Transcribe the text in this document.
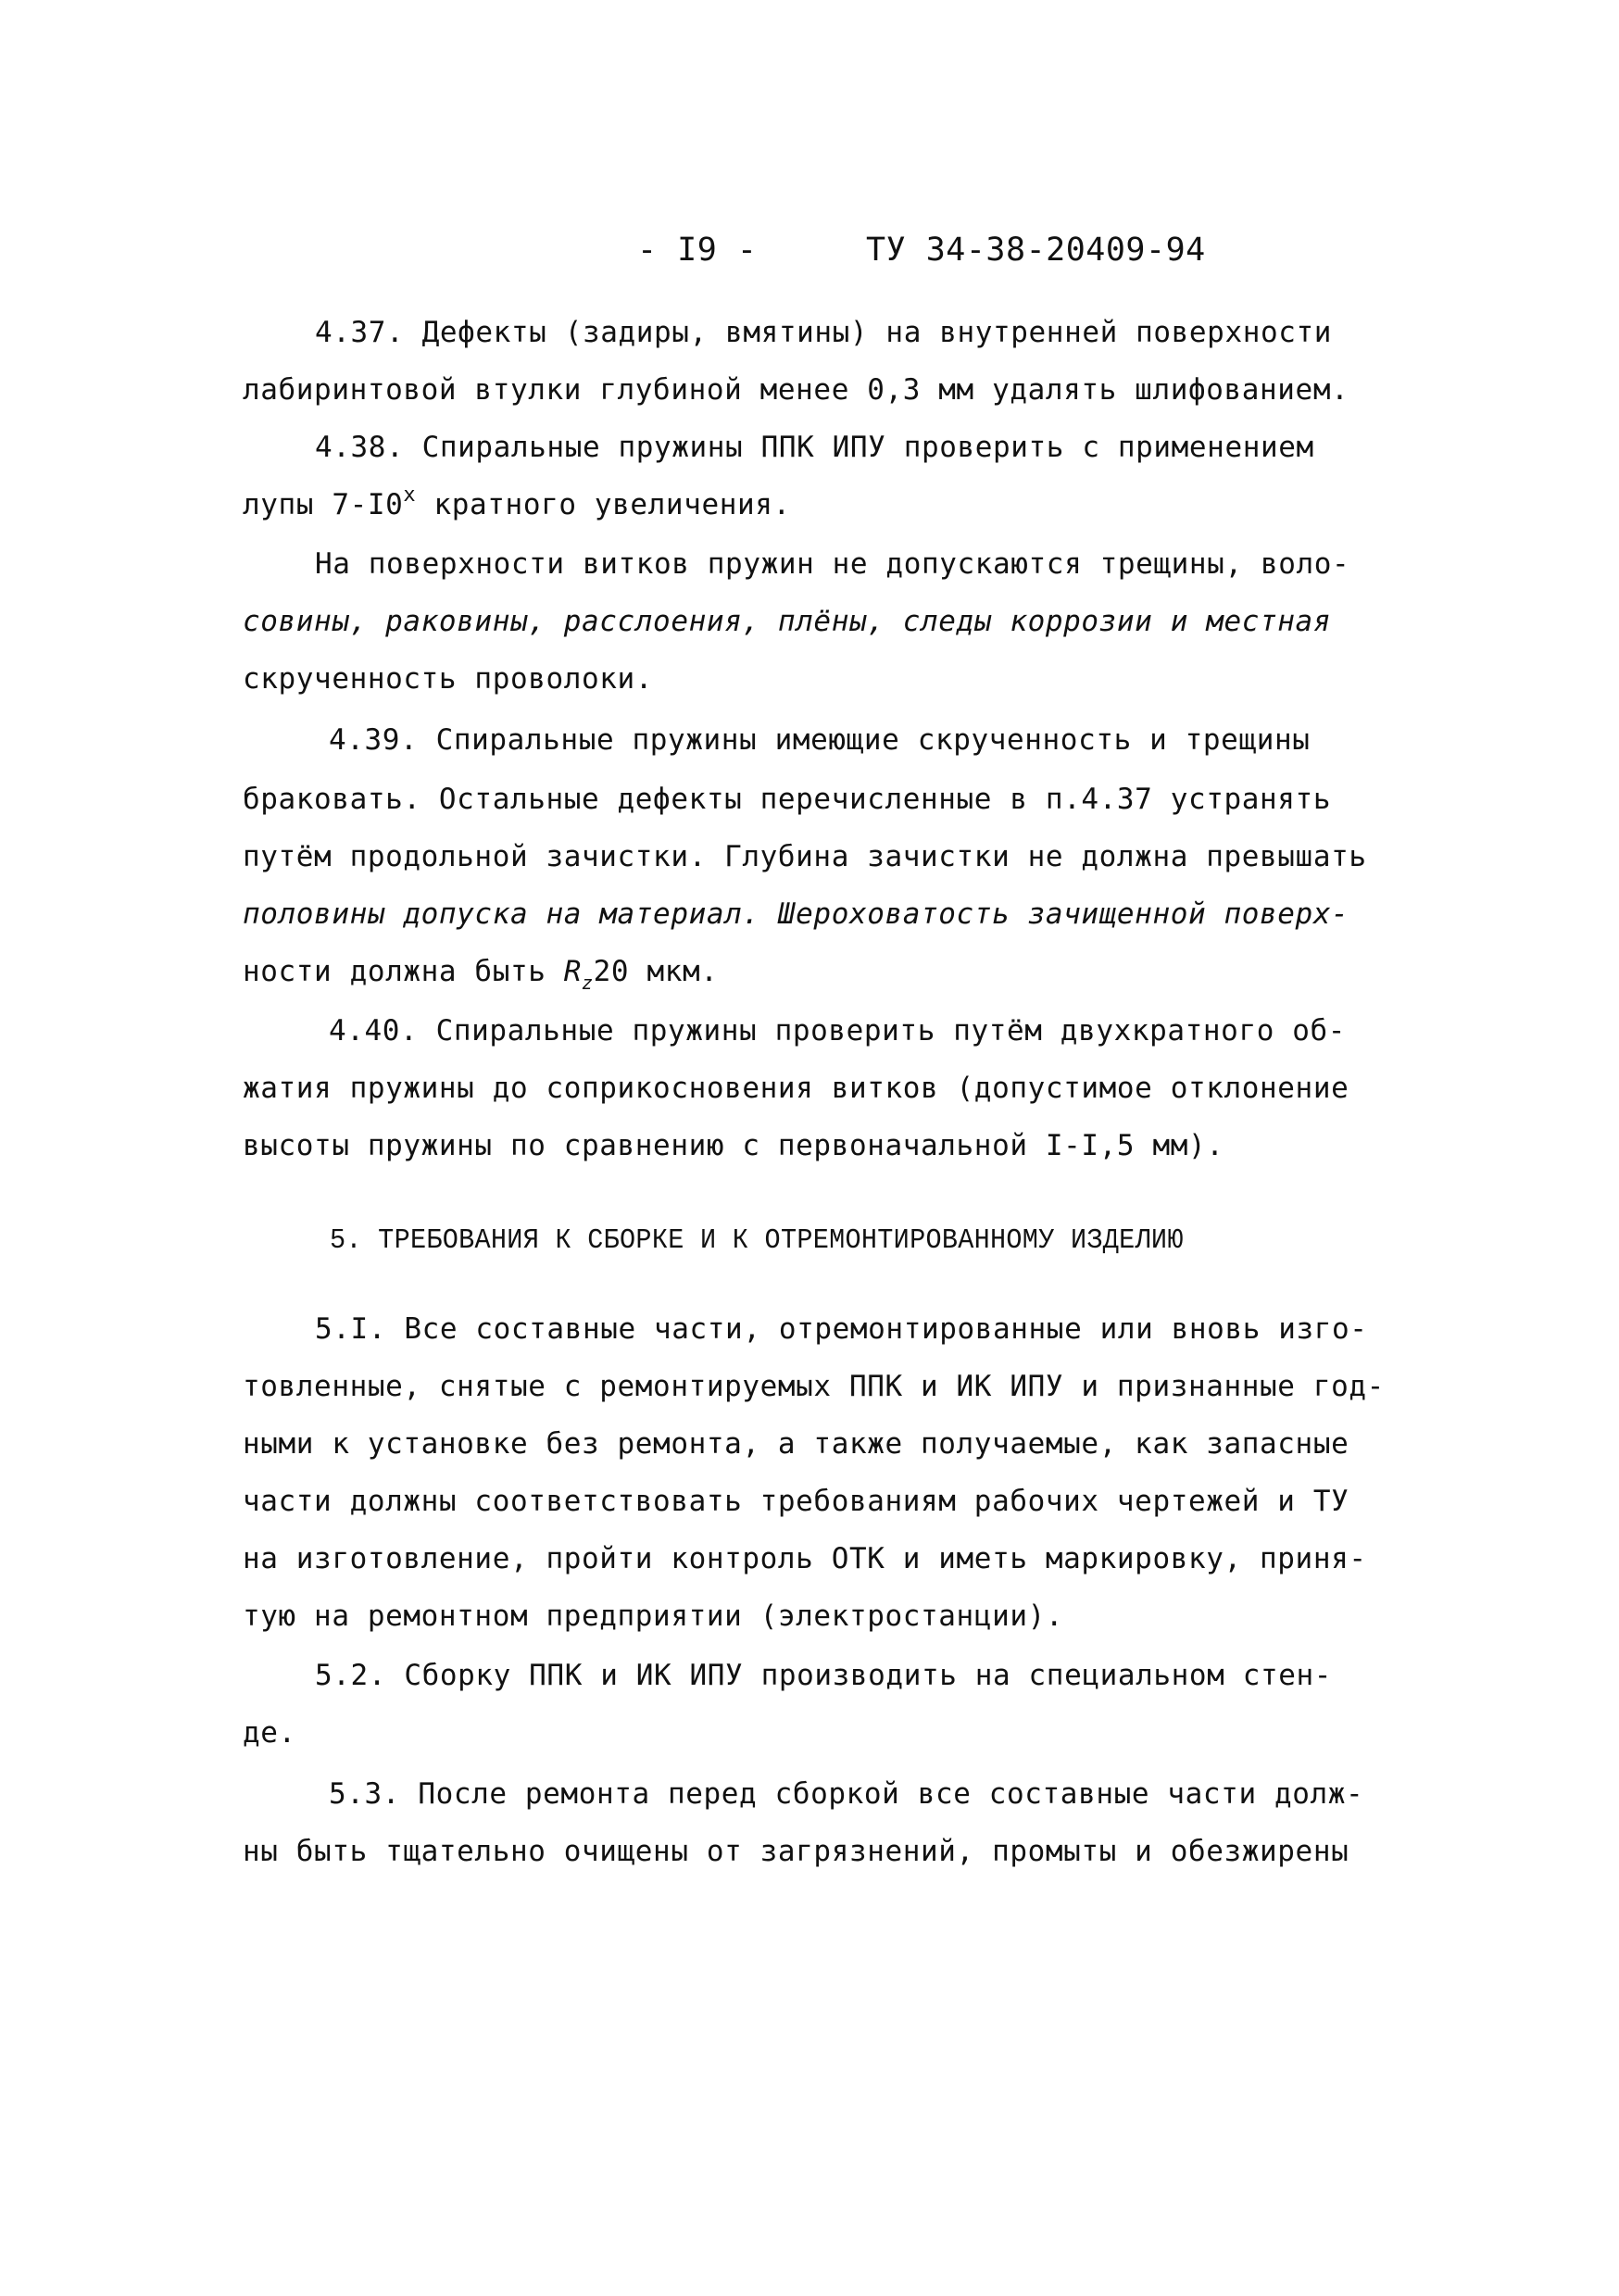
- I9 -	ТУ 34-38-20409-94
4.37. Дефекты (задиры, вмятины) на внутренней поверхности
лабиринтовой втулки глубиной менее 0,3 мм удалять шлифованием.
4.38. Спиральные пружины ППК ИПУ проверить с применением
лупы 7-I0$^x$ кратного увеличения.
На поверхности витков пружин не допускаются трещины, воло-
совины, раковины, расслоения, плёны, следы коррозии и местная
скрученность проволоки.
4.39. Спиральные пружины имеющие скрученность и трещины
браковать. Остальные дефекты перечисленные в п.4.37 устранять
путём продольной зачистки. Глубина зачистки не должна превышать
половины допуска на материал. Шероховатость зачищенной поверх-
ности должна быть $R_z20$ мкм.
4.40. Спиральные пружины проверить путём двухкратного об-
жатия пружины до соприкосновения витков (допустимое отклонение
высоты пружины по сравнению с первоначальной I-I,5 мм).
5. ТРЕБОВАНИЯ К СБОРКЕ И К ОТРЕМОНТИРОВАННОМУ ИЗДЕЛИЮ
5.I. Все составные части, отремонтированные или вновь изго-
товленные, снятые с ремонтируемых ППК и ИК ИПУ и признанные год-
ными к установке без ремонта, а также получаемые, как запасные
части должны соответствовать требованиям рабочих чертежей и ТУ
на изготовление, пройти контроль ОТК и иметь маркировку, приня-
тую на ремонтном предприятии (электростанции).
5.2. Сборку ППК и ИК ИПУ производить на специальном стен-
де.
5.3. После ремонта перед сборкой все составные части долж-
ны быть тщательно очищены от загрязнений, промыты и обезжирены
